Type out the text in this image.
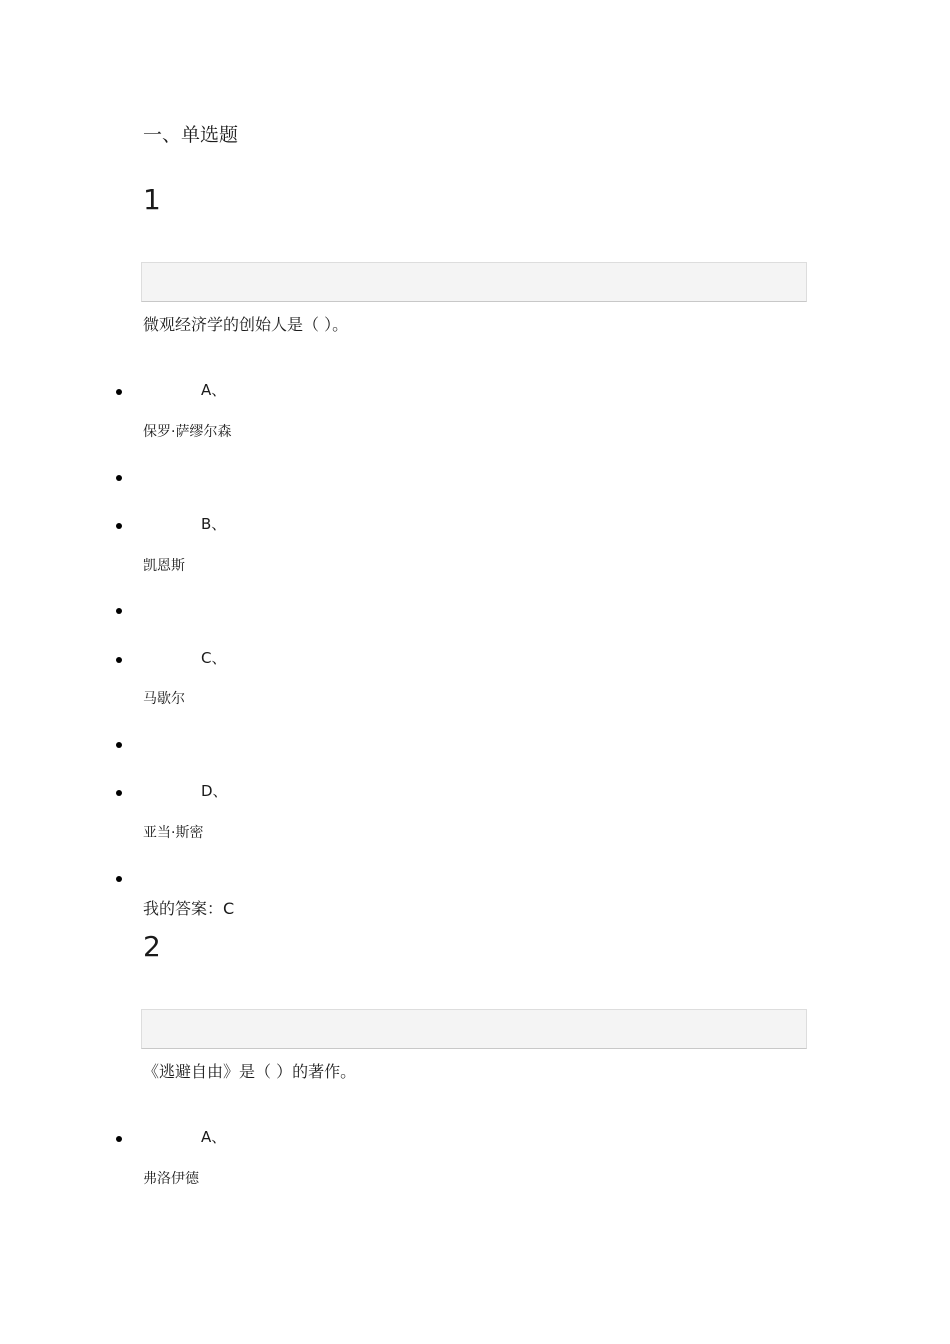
一、单选题
1
微观经济学的创始人是（ ）。
A、
保罗·萨缪尔森
B、
凯恩斯
C、
马歇尔
D、
亚当·斯密
我的答案：C
2
《逃避自由》是（ ）的著作。
A、
弗洛伊德
